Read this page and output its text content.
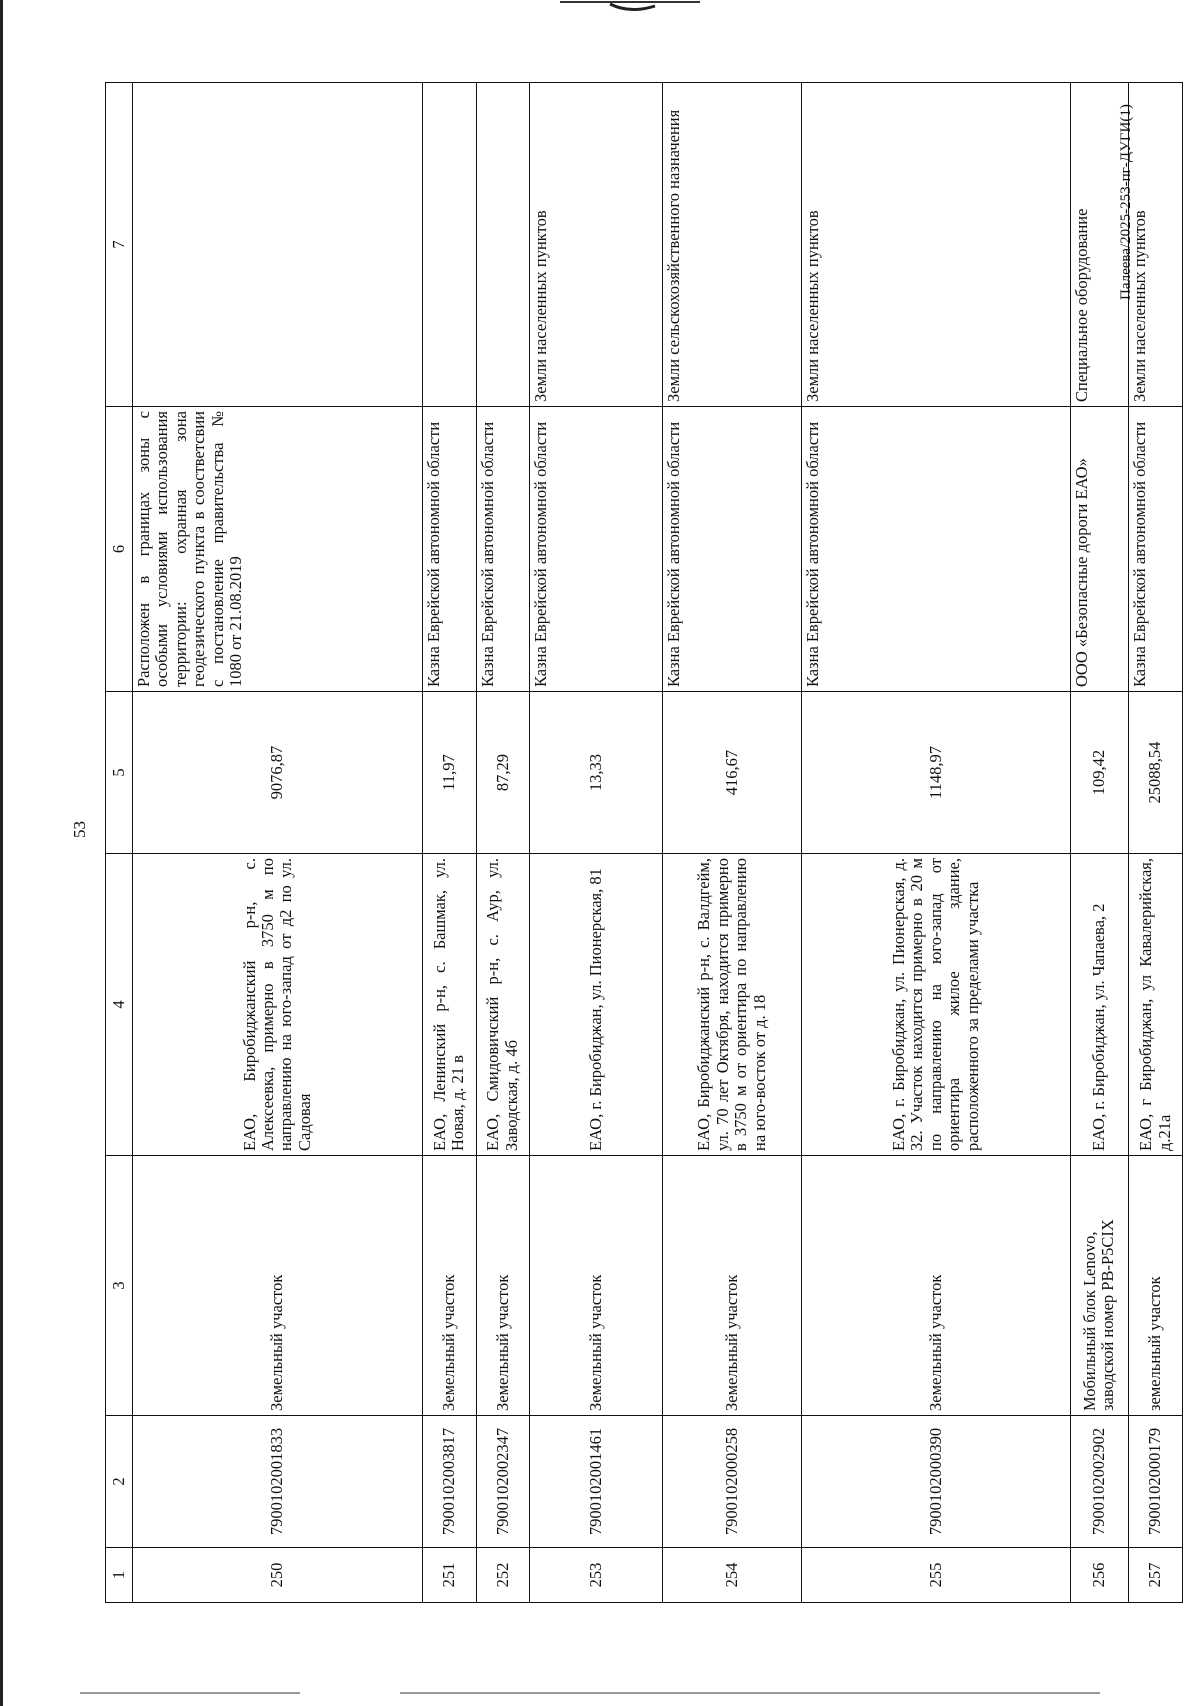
53
Палеева/2025-253-пг-ДУГИ(1)
1	2	3	4	5	6	7
250	7900102001833	Земельный участок	ЕАО, Биробиджанский р-н, с. Алексеевка, примерно в 3750 м по направлению на юго-запад от д2 по ул. Садовая	9076,87	Расположен в границах зоны с особыми условиями использования территории: охранная зона геодезического пункта в соостветсвии с постановление правительства № 1080 от 21.08.2019	
251	7900102003817	Земельный участок	ЕАО, Ленинский р-н, с. Башмак, ул. Новая, д. 21 в	11,97	Казна Еврейской автономной области	
252	7900102002347	Земельный участок	ЕАО, Смидовичский р-н, с. Аур, ул. Заводская, д. 4б	87,29	Казна Еврейской автономной области	
253	7900102001461	Земельный участок	ЕАО, г. Биробиджан, ул. Пионерская, 81	13,33	Казна Еврейской автономной области	Земли населенных пунктов
254	7900102000258	Земельный участок	ЕАО, Биробиджанский р-н, с. Валдгейм, ул. 70 лет Октября, находится примерно в 3750 м от ориентира по направлению на юго-восток от д. 18	416,67	Казна Еврейской автономной области	Земли сельскохозяйственного назначения
255	7900102000390	Земельный участок	ЕАО, г. Биробиджан, ул. Пионерская, д. 32. Участок находится примерно в 20 м по направлению на юго-запад от ориентира жилое здание, расположенного за пределами участка	1148,97	Казна Еврейской автономной области	Земли населенных пунктов
256	7900102002902	Мобильный блок Lenovo, заводской номер PB-P5CIX	ЕАО, г. Биробиджан, ул. Чапаева, 2	109,42	ООО «Безопасные дороги ЕАО»	Специальное оборудование
257	7900102000179	земельный участок	ЕАО, г Биробиджан, ул Кавалерийская, д.21а	25088,54	Казна Еврейской автономной области	Земли населенных пунктов
